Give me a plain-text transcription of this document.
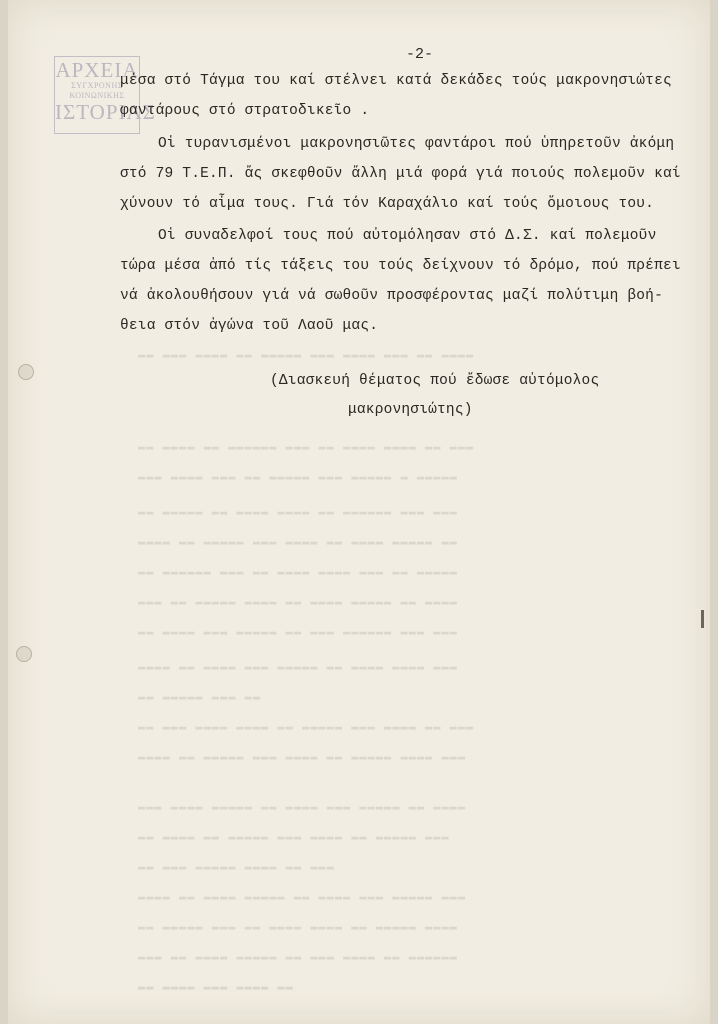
ΑΡΧΕΙΑ
ΣΥΓΧΡΟΝΗΣ ΚΟΙΝΩΝΙΚΗΣ
ΙΣΤΟΡΙΑΣ
-2-
μέσα στό Τάγμα του καί στέλνει κατά δεκάδες τούς μακρονησιώτες
φαντάρους στό στρατοδικεῖο .
Οἱ τυρανισμένοι μακρονησιῶτες φαντάροι πού ὑπηρετοῦν ἀκόμη
στό 79 Τ.Ε.Π. ἄς σκεφθοῦν ἄλλη μιά φορά γιά ποιούς πολεμοῦν καί
χύνουν τό αἷμα τους. Γιά τόν Καραχάλιο καί τούς ὅμοιους του.
Οἱ συναδελφοί τους πού αὐτομόλησαν στό Δ.Σ. καί πολεμοῦν
τώρα μέσα ἀπό τίς τάξεις του τούς δείχνουν τό δρόμο, πού πρέπει
νά ἀκολουθήσουν γιά νά σωθοῦν προσφέροντας μαζί πολύτιμη βοή-
θεια στόν ἀγώνα τοῦ Λαοῦ μας.
(Διασκευή θέματος πού ἔδωσε αὐτόμολος
μακρονησιώτης)
▬▬ ▬▬▬ ▬▬▬▬ ▬▬ ▬▬▬▬▬ ▬▬▬ ▬▬▬▬ ▬▬▬ ▬▬ ▬▬▬▬
▬▬ ▬▬▬▬ ▬▬ ▬▬▬▬▬▬ ▬▬▬ ▬▬ ▬▬▬▬ ▬▬▬▬ ▬▬ ▬▬▬
▬▬▬ ▬▬▬▬ ▬▬▬ ▬▬ ▬▬▬▬▬ ▬▬▬ ▬▬▬▬▬ ▬ ▬▬▬▬▬
▬▬ ▬▬▬▬▬ ▬▬ ▬▬▬▬ ▬▬▬▬ ▬▬ ▬▬▬▬▬▬ ▬▬▬ ▬▬▬
▬▬▬▬ ▬▬ ▬▬▬▬▬ ▬▬▬ ▬▬▬▬ ▬▬ ▬▬▬▬ ▬▬▬▬▬ ▬▬
▬▬ ▬▬▬▬▬▬ ▬▬▬ ▬▬ ▬▬▬▬ ▬▬▬▬ ▬▬▬ ▬▬ ▬▬▬▬▬
▬▬▬ ▬▬ ▬▬▬▬▬ ▬▬▬▬ ▬▬ ▬▬▬▬ ▬▬▬▬▬ ▬▬ ▬▬▬▬
▬▬ ▬▬▬▬ ▬▬▬ ▬▬▬▬▬ ▬▬ ▬▬▬ ▬▬▬▬▬▬ ▬▬▬ ▬▬▬
▬▬▬▬ ▬▬ ▬▬▬▬ ▬▬▬ ▬▬▬▬▬ ▬▬ ▬▬▬▬ ▬▬▬▬ ▬▬▬
▬▬ ▬▬▬▬▬ ▬▬▬ ▬▬
▬▬ ▬▬▬ ▬▬▬▬ ▬▬▬▬ ▬▬ ▬▬▬▬▬ ▬▬▬ ▬▬▬▬ ▬▬ ▬▬▬
▬▬▬▬ ▬▬ ▬▬▬▬▬ ▬▬▬ ▬▬▬▬ ▬▬ ▬▬▬▬▬ ▬▬▬▬ ▬▬▬
▬▬▬ ▬▬▬▬ ▬▬▬▬▬ ▬▬ ▬▬▬▬ ▬▬▬ ▬▬▬▬▬ ▬▬ ▬▬▬▬
▬▬ ▬▬▬▬ ▬▬ ▬▬▬▬▬ ▬▬▬ ▬▬▬▬ ▬▬ ▬▬▬▬▬ ▬▬▬
▬▬ ▬▬▬ ▬▬▬▬▬ ▬▬▬▬ ▬▬ ▬▬▬
▬▬▬▬ ▬▬ ▬▬▬▬ ▬▬▬▬▬ ▬▬ ▬▬▬▬ ▬▬▬ ▬▬▬▬▬ ▬▬▬
▬▬ ▬▬▬▬▬ ▬▬▬ ▬▬ ▬▬▬▬ ▬▬▬▬ ▬▬ ▬▬▬▬▬ ▬▬▬▬
▬▬▬ ▬▬ ▬▬▬▬ ▬▬▬▬▬ ▬▬ ▬▬▬ ▬▬▬▬ ▬▬ ▬▬▬▬▬▬
▬▬ ▬▬▬▬ ▬▬▬ ▬▬▬▬ ▬▬
